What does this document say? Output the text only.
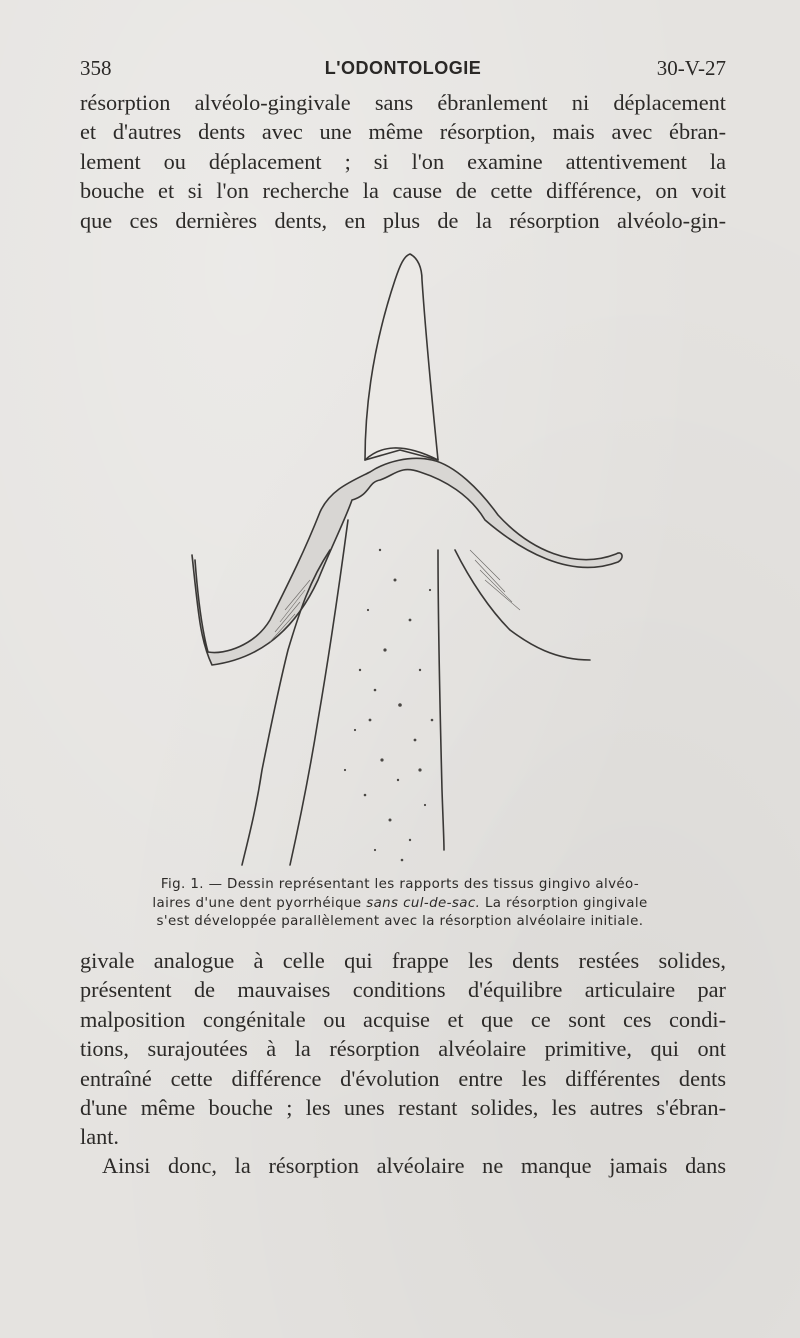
358	L'ODONTOLOGIE	30-V-27
résorption alvéolo-gingivale sans ébranlement ni déplacement
et d'autres dents avec une même résorption, mais avec ébran-
lement ou déplacement ; si l'on examine attentivement la
bouche et si l'on recherche la cause de cette différence, on voit
que ces dernières dents, en plus de la résorption alvéolo-gin-
Fig. 1. — Dessin représentant les rapports des tissus gingivo alvéo-
laires d'une dent pyorrhéique sans cul-de-sac. La résorption gingivale
s'est développée parallèlement avec la résorption alvéolaire initiale.
givale analogue à celle qui frappe les dents restées solides,
présentent de mauvaises conditions d'équilibre articulaire par
malposition congénitale ou acquise et que ce sont ces condi-
tions, surajoutées à la résorption alvéolaire primitive, qui ont
entraîné cette différence d'évolution entre les différentes dents
d'une même bouche ; les unes restant solides, les autres s'ébran-
lant.
Ainsi donc, la résorption alvéolaire ne manque jamais dans
